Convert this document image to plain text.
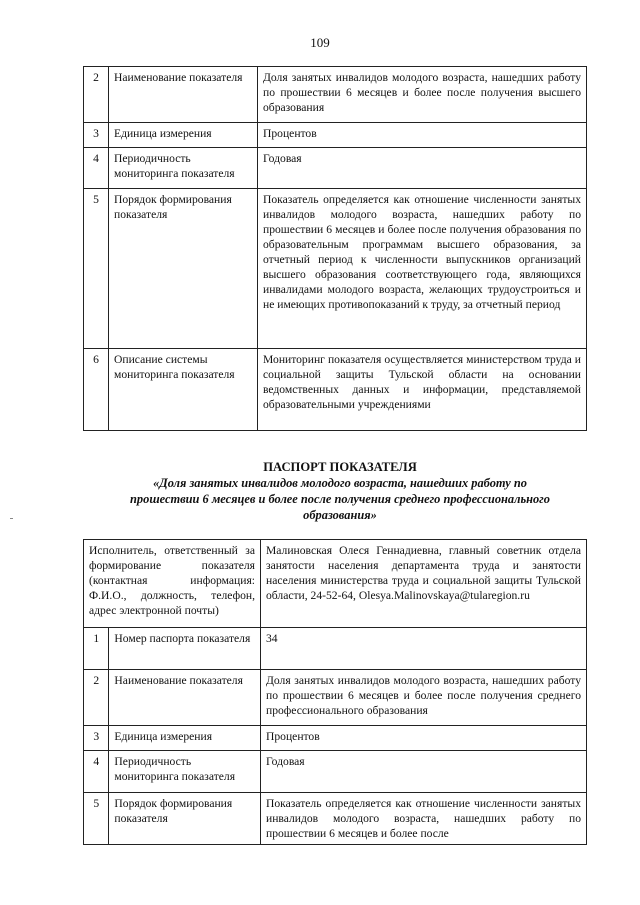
109
2	Наименование показателя	Доля занятых инвалидов молодого возраста, нашедших работу по прошествии 6 месяцев и более после получения высшего образования
3	Единица измерения	Процентов
4	Периодичность мониторинга показателя	Годовая
5	Порядок формирования показателя	Показатель определяется как отношение численности занятых инвалидов молодого возраста, нашедших работу по прошествии 6 месяцев и более после получения образования по образовательным программам высшего образования, за отчетный период к численности выпускников организаций высшего образования соответствующего года, являющихся инвалидами молодого возраста, желающих трудоустроиться и не имеющих противопоказаний к труду, за отчетный период
6	Описание системы мониторинга показателя	Мониторинг показателя осуществляется министерством труда и социальной защиты Тульской области на основании ведомственных данных и информации, представляемой образовательными учреждениями
ПАСПОРТ ПОКАЗАТЕЛЯ
«Доля занятых инвалидов молодого возраста, нашедших работу по прошествии 6 месяцев и более после получения среднего профессионального образования»
Исполнитель, ответственный за формирование показателя (контактная информация: Ф.И.О., должность, телефон, адрес электронной почты)		Малиновская Олеся Геннадиевна, главный советник отдела занятости населения департамента труда и занятости населения министерства труда и социальной защиты Тульской области, 24-52-64, Olesya.Malinovskaya@tularegion.ru
1	Номер паспорта показателя	34
2	Наименование показателя	Доля занятых инвалидов молодого возраста, нашедших работу по прошествии 6 месяцев и более после получения среднего профессионального образования
3	Единица измерения	Процентов
4	Периодичность мониторинга показателя	Годовая
5	Порядок формирования показателя	Показатель определяется как отношение численности занятых инвалидов молодого возраста, нашедших работу по прошествии 6 месяцев и более после
